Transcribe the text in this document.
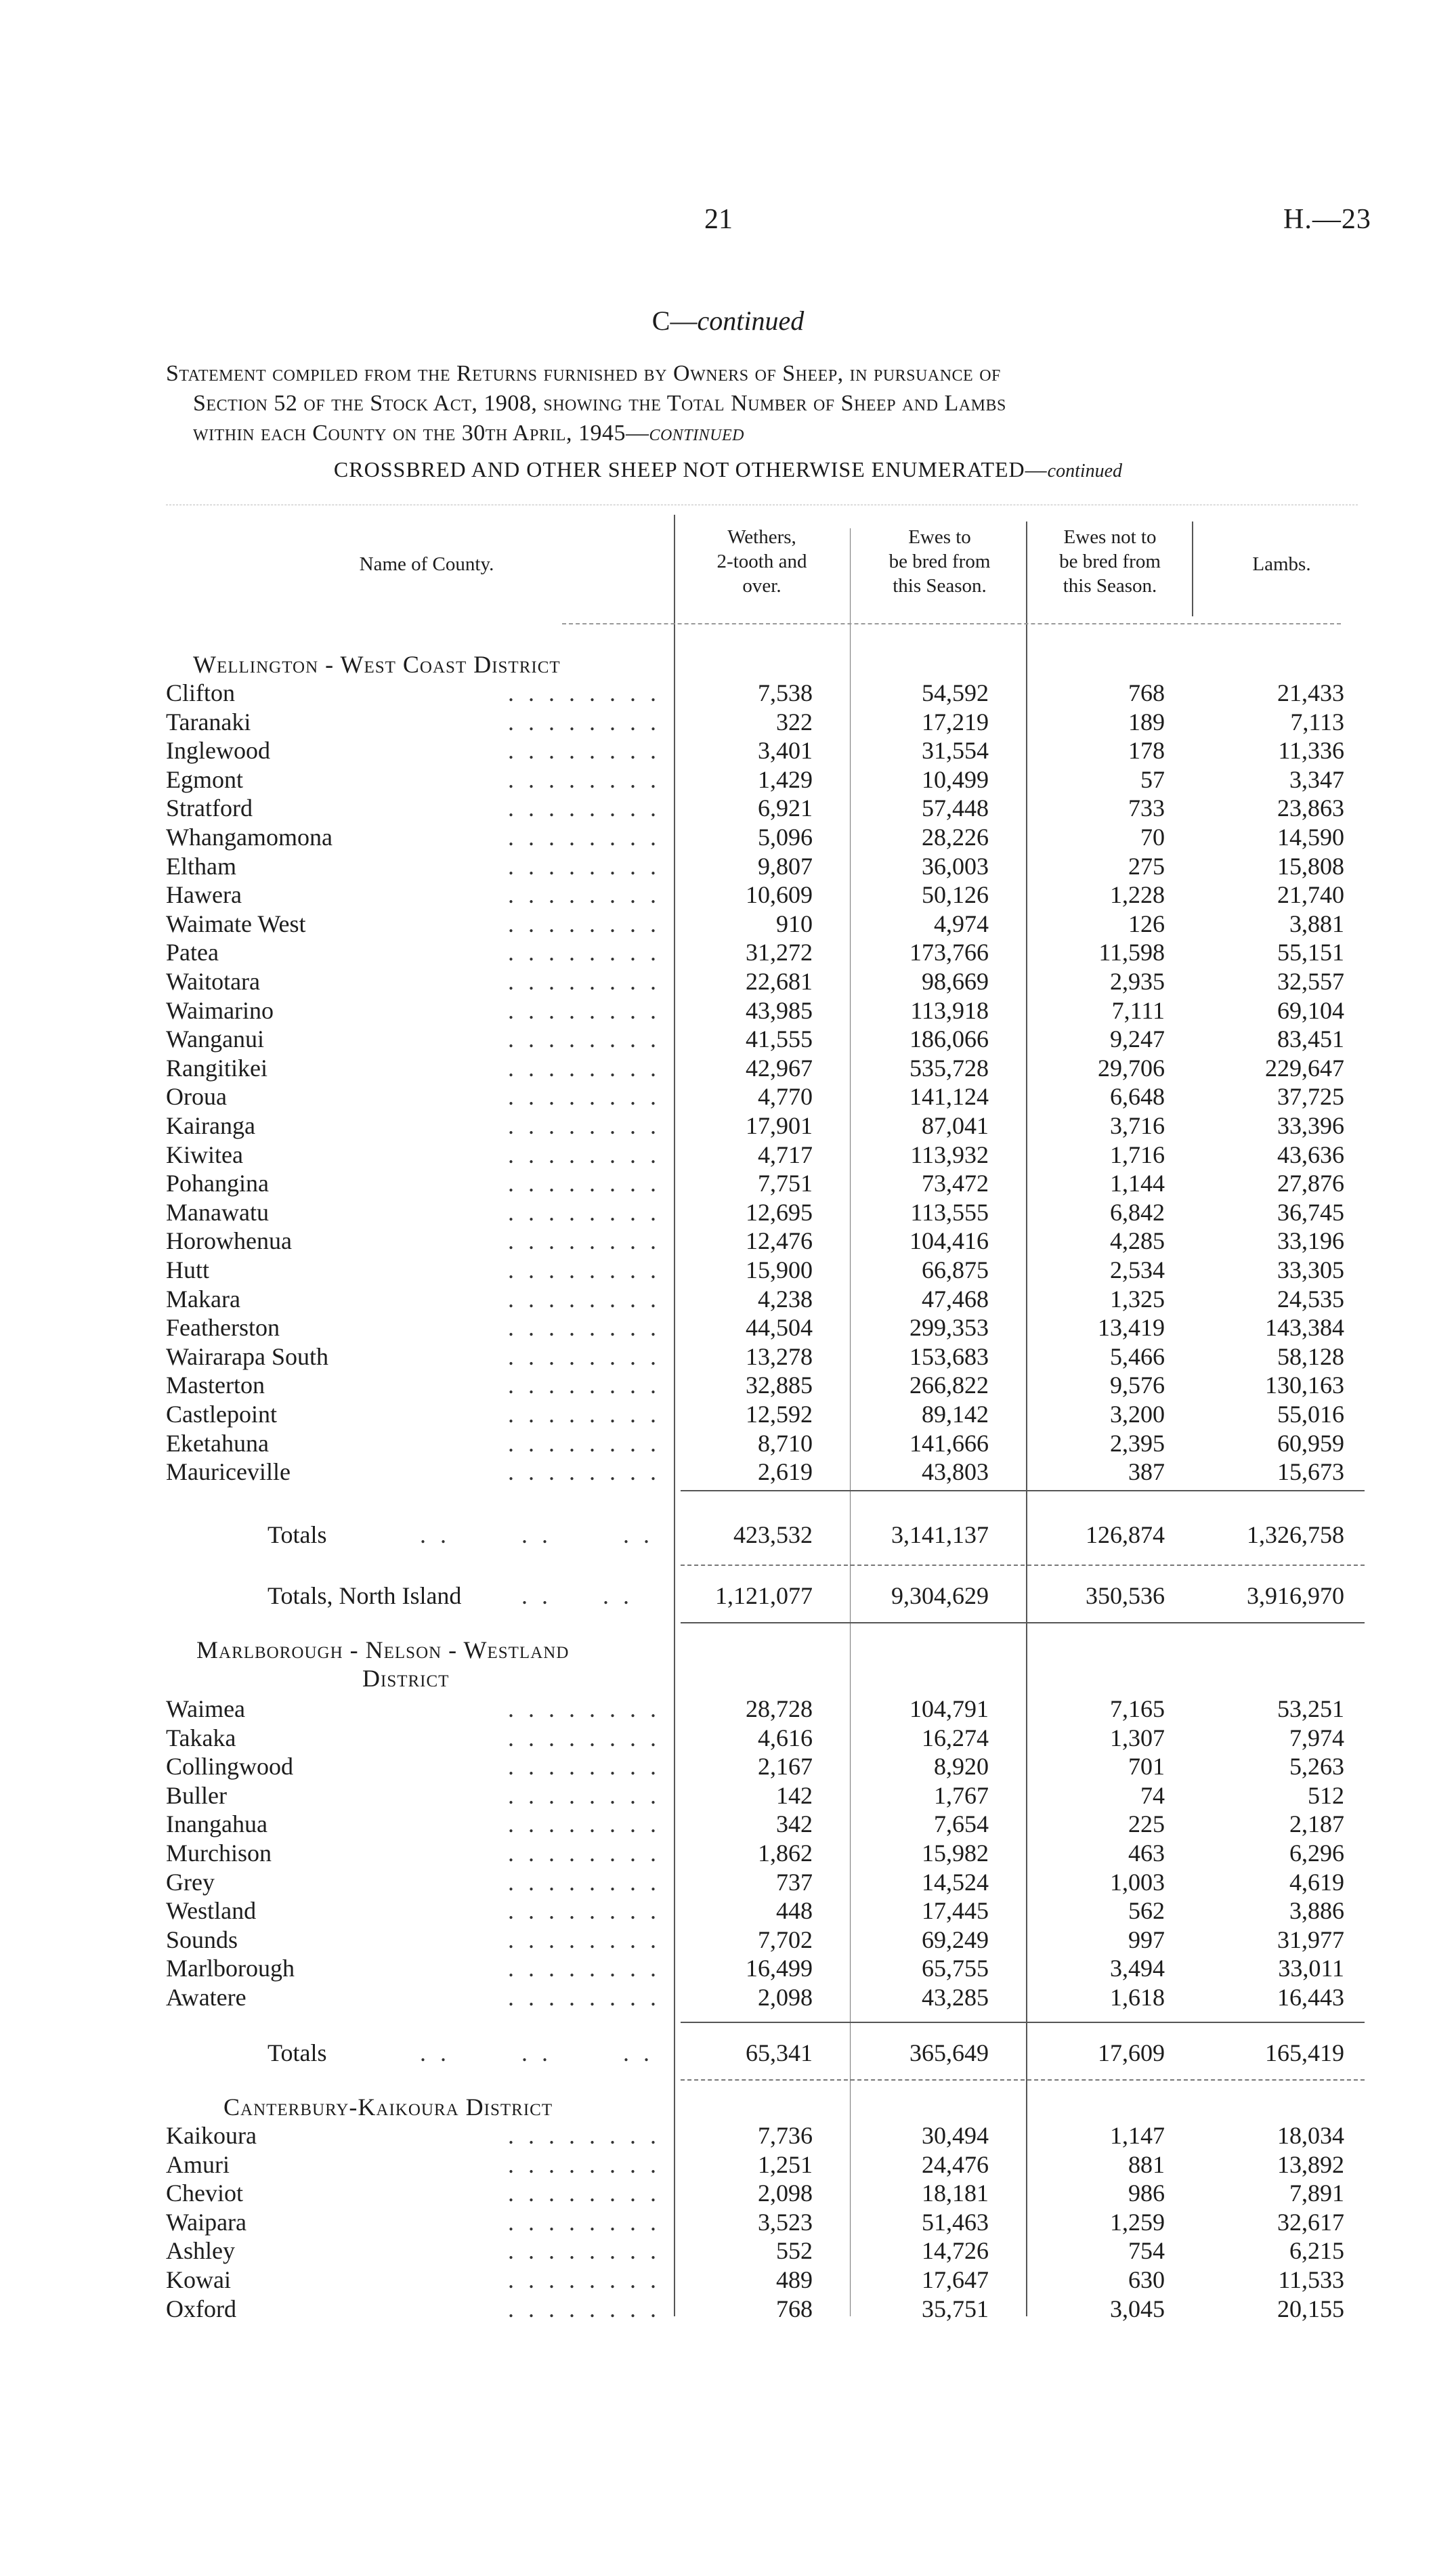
21	H.—23
C—continued
Statement compiled from the Returns furnished by Owners of Sheep, in pursuance of
Section 52 of the Stock Act, 1908, showing the Total Number of Sheep and Lambs
within each County on the 30th April, 1945—continued
CROSSBRED AND OTHER SHEEP NOT OTHERWISE ENUMERATED—continued
Name of County.
Wethers,
2-tooth and
over.
Ewes to
be bred from
this Season.
Ewes not to
be bred from
this Season.
Lambs.
Wellington - West Coast District
Clifton	. . . . . . . .	7,538	54,592	768	21,433
Taranaki	. . . . . . . .	322	17,219	189	7,113
Inglewood	. . . . . . . .	3,401	31,554	178	11,336
Egmont	. . . . . . . .	1,429	10,499	57	3,347
Stratford	. . . . . . . .	6,921	57,448	733	23,863
Whangamomona	. . . . . . . .	5,096	28,226	70	14,590
Eltham	. . . . . . . .	9,807	36,003	275	15,808
Hawera	. . . . . . . .	10,609	50,126	1,228	21,740
Waimate West	. . . . . . . .	910	4,974	126	3,881
Patea	. . . . . . . .	31,272	173,766	11,598	55,151
Waitotara	. . . . . . . .	22,681	98,669	2,935	32,557
Waimarino	. . . . . . . .	43,985	113,918	7,111	69,104
Wanganui	. . . . . . . .	41,555	186,066	9,247	83,451
Rangitikei	. . . . . . . .	42,967	535,728	29,706	229,647
Oroua	. . . . . . . .	4,770	141,124	6,648	37,725
Kairanga	. . . . . . . .	17,901	87,041	3,716	33,396
Kiwitea	. . . . . . . .	4,717	113,932	1,716	43,636
Pohangina	. . . . . . . .	7,751	73,472	1,144	27,876
Manawatu	. . . . . . . .	12,695	113,555	6,842	36,745
Horowhenua	. . . . . . . .	12,476	104,416	4,285	33,196
Hutt	. . . . . . . .	15,900	66,875	2,534	33,305
Makara	. . . . . . . .	4,238	47,468	1,325	24,535
Featherston	. . . . . . . .	44,504	299,353	13,419	143,384
Wairarapa South	. . . . . . . .	13,278	153,683	5,466	58,128
Masterton	. . . . . . . .	32,885	266,822	9,576	130,163
Castlepoint	. . . . . . . .	12,592	89,142	3,200	55,016
Eketahuna	. . . . . . . .	8,710	141,666	2,395	60,959
Mauriceville	. . . . . . . .	2,619	43,803	387	15,673
Totals	. .       . .       . .	423,532	3,141,137	126,874	1,326,758
Totals, North Island . .     . .	1,121,077	9,304,629	350,536	3,916,970
Marlborough - Nelson - Westland
District
Waimea	. . . . . . . .	28,728	104,791	7,165	53,251
Takaka	. . . . . . . .	4,616	16,274	1,307	7,974
Collingwood	. . . . . . . .	2,167	8,920	701	5,263
Buller	. . . . . . . .	142	1,767	74	512
Inangahua	. . . . . . . .	342	7,654	225	2,187
Murchison	. . . . . . . .	1,862	15,982	463	6,296
Grey	. . . . . . . .	737	14,524	1,003	4,619
Westland	. . . . . . . .	448	17,445	562	3,886
Sounds	. . . . . . . .	7,702	69,249	997	31,977
Marlborough	. . . . . . . .	16,499	65,755	3,494	33,011
Awatere	. . . . . . . .	2,098	43,285	1,618	16,443
Totals	. .       . .       . .	65,341	365,649	17,609	165,419
Canterbury-Kaikoura District
Kaikoura	. . . . . . . .	7,736	30,494	1,147	18,034
Amuri	. . . . . . . .	1,251	24,476	881	13,892
Cheviot	. . . . . . . .	2,098	18,181	986	7,891
Waipara	. . . . . . . .	3,523	51,463	1,259	32,617
Ashley	. . . . . . . .	552	14,726	754	6,215
Kowai	. . . . . . . .	489	17,647	630	11,533
Oxford	. . . . . . . .	768	35,751	3,045	20,155
